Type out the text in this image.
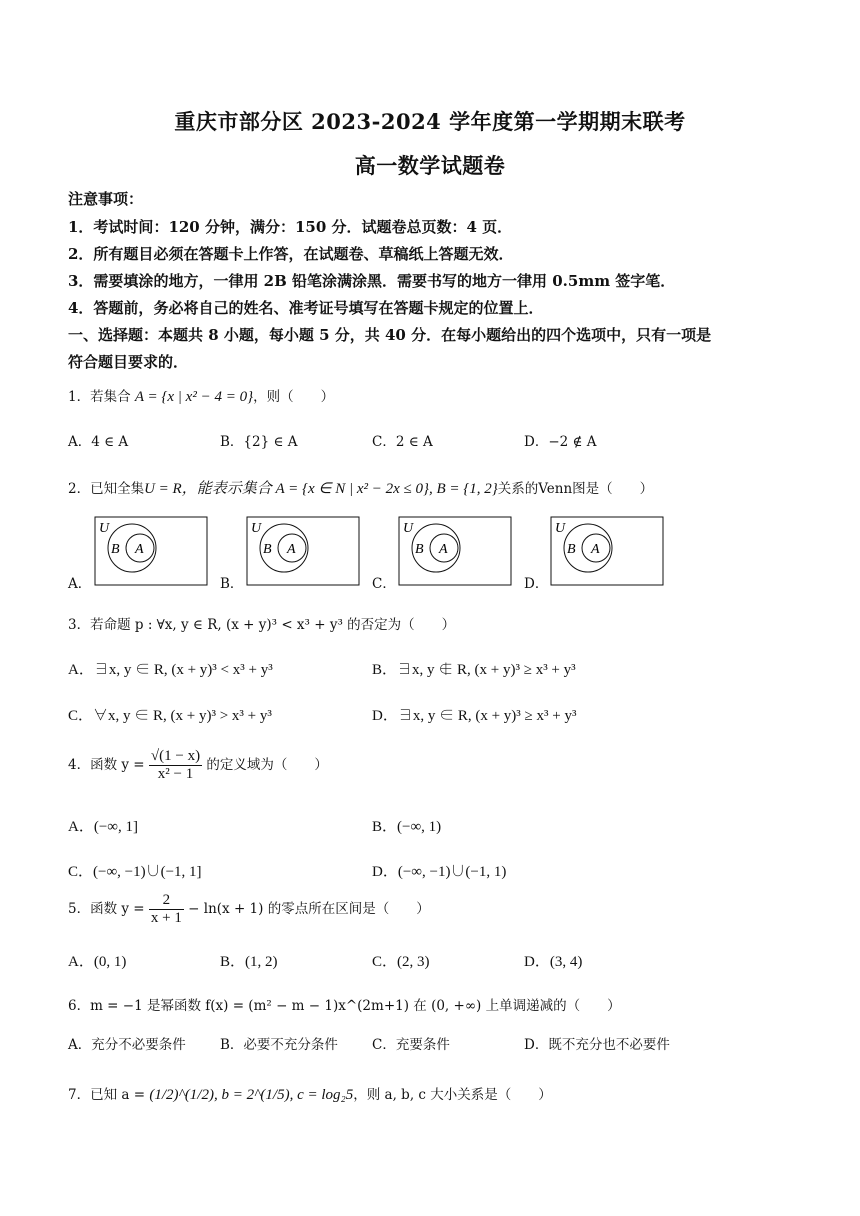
重庆市部分区 2023-2024 学年度第一学期期末联考
高一数学试题卷
注意事项：
1．考试时间：120 分钟，满分：150 分．试题卷总页数：4 页．
2．所有题目必须在答题卡上作答，在试题卷、草稿纸上答题无效．
3．需要填涂的地方，一律用 2B 铅笔涂满涂黑．需要书写的地方一律用 0.5mm 签字笔．
4．答题前，务必将自己的姓名、准考证号填写在答题卡规定的位置上．
一、选择题：本题共 8 小题，每小题 5 分，共 40 分．在每小题给出的四个选项中，只有一项是
符合题目要求的．
1．若集合 A = {x | x² − 4 = 0}，则（　　）
A．4 ∈ A	B．{2} ∈ A	C．2 ∈ A	D．−2 ∉ A
2．已知全集U = R，能表示集合 A = {x ∈ N | x² − 2x ≤ 0}, B = {1, 2}关系的Venn图是（　　）
A．
U
B A
B．
U
B A
C．
U
B A
D．
U
B A
3．若命题 p : ∀x, y ∈ R, (x + y)³ < x³ + y³ 的否定为（　　）
A．∃x, y ∈ R, (x + y)³ < x³ + y³	B．∃x, y ∉ R, (x + y)³ ≥ x³ + y³
C．∀x, y ∈ R, (x + y)³ > x³ + y³	D．∃x, y ∈ R, (x + y)³ ≥ x³ + y³
4．函数 $y = \frac{√(1 - x)}{\text{x² − 1}}$ 的定义域为（　　）
A．(−∞, 1]	B．(−∞, 1)
C．(−∞, −1)∪(−1, 1]	D．(−∞, −1)∪(−1, 1)
5．函数 $y = \frac{2}{x + 1} - \ln(x + 1)$ 的零点所在区间是（　　）
A．(0, 1)	B．(1, 2)	C．(2, 3)	D．(3, 4)
6．m = −1 是幂函数 f(x) = (m² − m − 1)x^(2m+1) 在 (0, +∞) 上单调递减的（　　）
A．充分不必要条件	B．必要不充分条件	C．充要条件	D．既不充分也不必要件
7．已知 a = (1/2)^(1/2), b = 2^(1/5), c = log₂5，则 a, b, c 大小关系是（　　）
